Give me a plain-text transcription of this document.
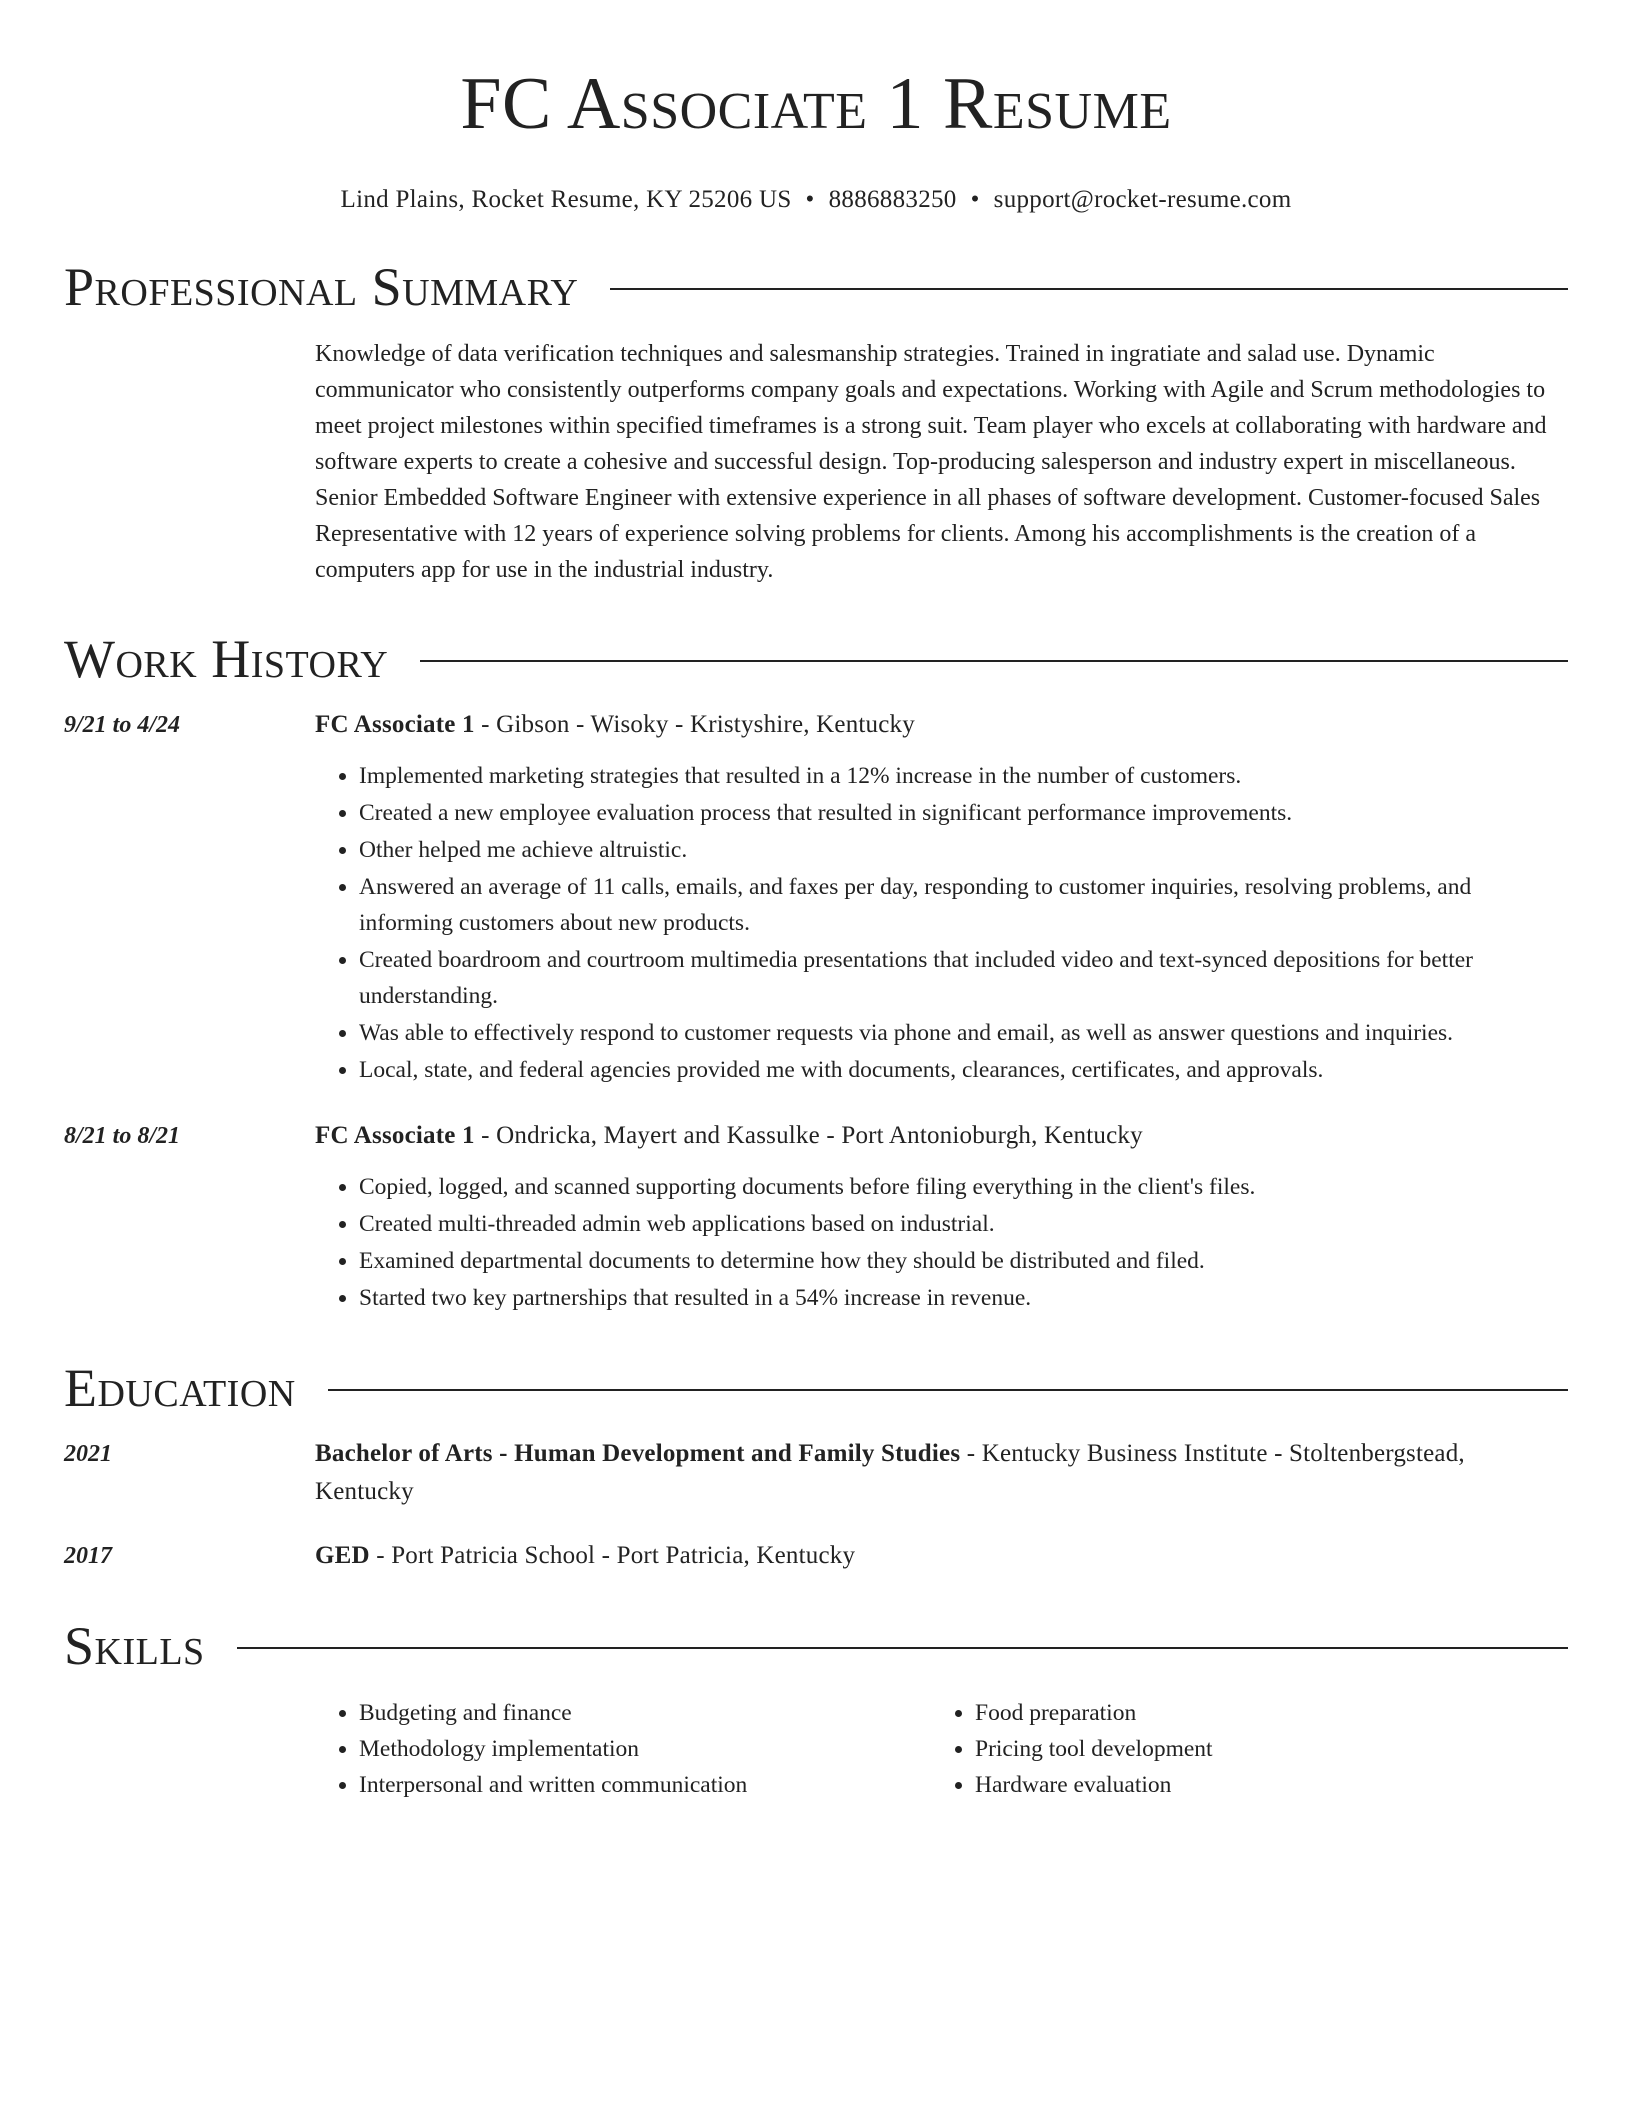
FC Associate 1 Resume
Lind Plains, Rocket Resume, KY 25206 US • 8886883250 • support@rocket-resume.com
Professional Summary

Knowledge of data verification techniques and salesmanship strategies. Trained in ingratiate and salad use. Dynamic communicator who consistently outperforms company goals and expectations. Working with Agile and Scrum methodologies to meet project milestones within specified timeframes is a strong suit. Team player who excels at collaborating with hardware and software experts to create a cohesive and successful design. Top-producing salesperson and industry expert in miscellaneous. Senior Embedded Software Engineer with extensive experience in all phases of software development. Customer-focused Sales Representative with 12 years of experience solving problems for clients. Among his accomplishments is the creation of a computers app for use in the industrial industry.

Work History
9/21 to 4/24	FC Associate 1 - Gibson - Wisoky - Kristyshire, Kentucky
• Implemented marketing strategies that resulted in a 12% increase in the number of customers.
• Created a new employee evaluation process that resulted in significant performance improvements.
• Other helped me achieve altruistic.
• Answered an average of 11 calls, emails, and faxes per day, responding to customer inquiries, resolving problems, and informing customers about new products.
• Created boardroom and courtroom multimedia presentations that included video and text-synced depositions for better understanding.
• Was able to effectively respond to customer requests via phone and email, as well as answer questions and inquiries.
• Local, state, and federal agencies provided me with documents, clearances, certificates, and approvals.
8/21 to 8/21	FC Associate 1 - Ondricka, Mayert and Kassulke - Port Antonioburgh, Kentucky
• Copied, logged, and scanned supporting documents before filing everything in the client's files.
• Created multi-threaded admin web applications based on industrial.
• Examined departmental documents to determine how they should be distributed and filed.
• Started two key partnerships that resulted in a 54% increase in revenue.
Education
2021	Bachelor of Arts - Human Development and Family Studies - Kentucky Business Institute - Stoltenbergstead, Kentucky
2017	GED - Port Patricia School - Port Patricia, Kentucky
Skills
• Budgeting and finance
• Methodology implementation
• Interpersonal and written communication
• Food preparation
• Pricing tool development
• Hardware evaluation
